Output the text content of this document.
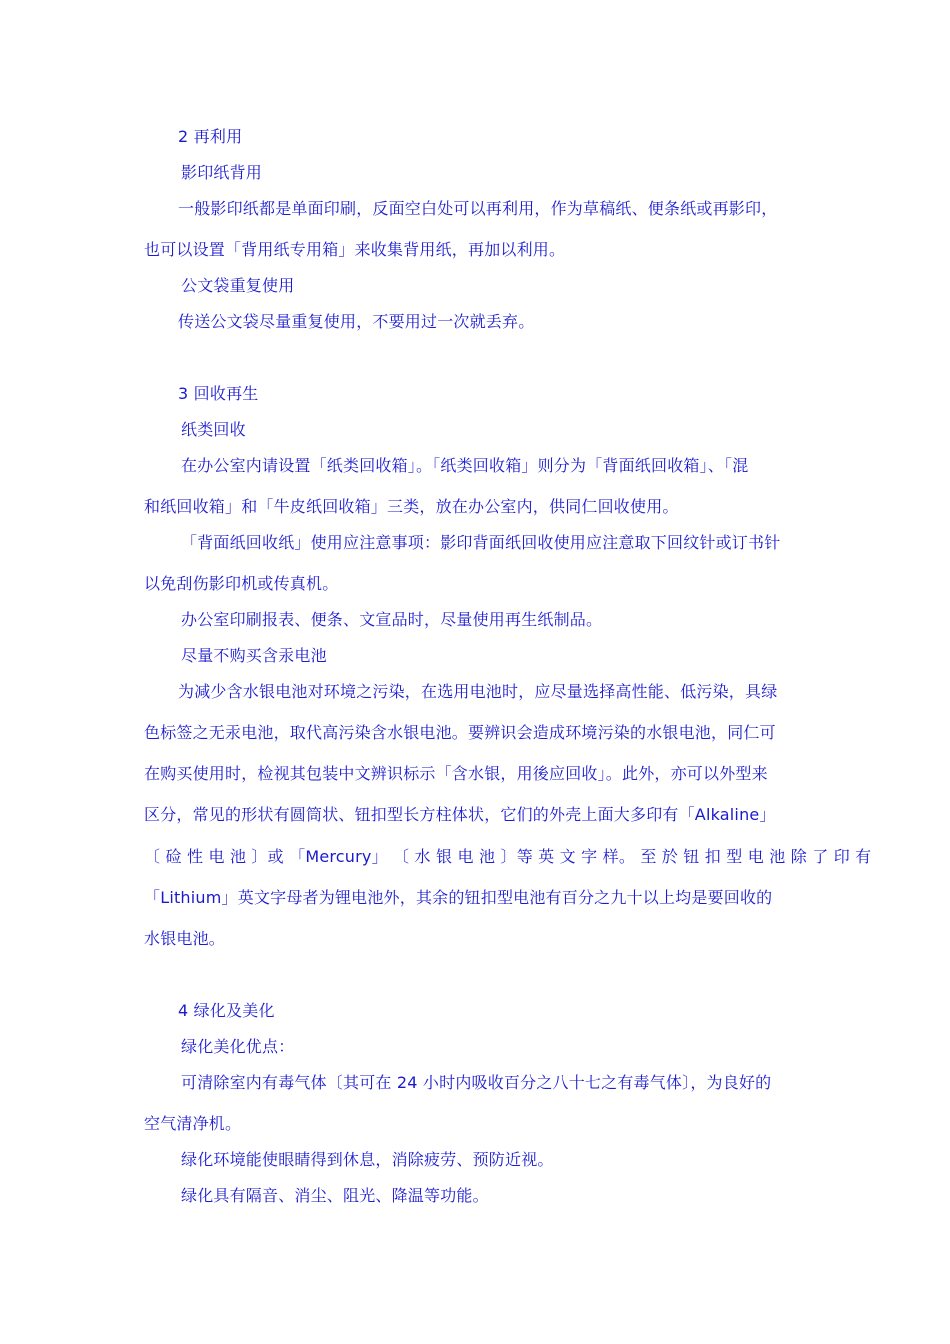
2 再利用
影印纸背用
一般影印纸都是单面印刷，反面空白处可以再利用，作为草稿纸、便条纸或再影印，
也可以设置「背用纸专用箱」来收集背用纸，再加以利用。
公文袋重复使用
传送公文袋尽量重复使用，不要用过一次就丢弃。
3 回收再生
纸类回收
在办公室内请设置「纸类回收箱」。「纸类回收箱」则分为「背面纸回收箱」、「混
和纸回收箱」和「牛皮纸回收箱」三类，放在办公室内，供同仁回收使用。
「背面纸回收纸」使用应注意事项：影印背面纸回收使用应注意取下回纹针或订书针
以免刮伤影印机或传真机。
办公室印刷报表、便条、文宣品时，尽量使用再生纸制品。
尽量不购买含汞电池
为减少含水银电池对环境之污染，在选用电池时，应尽量选择高性能、低污染，具绿
色标签之无汞电池，取代高污染含水银电池。要辨识会造成环境污染的水银电池，同仁可
在购买使用时，检视其包装中文辨识标示「含水银，用後应回收」。此外，亦可以外型来
区分，常见的形状有圆筒状、钮扣型长方柱体状，它们的外壳上面大多印有「Alkaline」
〔 硷 性 电 池 〕或 「Mercury」 〔 水 银 电 池 〕等 英 文 字 样。 至 於 钮 扣 型 电 池 除 了 印 有
「Lithium」英文字母者为锂电池外，其余的钮扣型电池有百分之九十以上均是要回收的
水银电池。
4 绿化及美化
绿化美化优点：
可清除室内有毒气体〔其可在 24 小时内吸收百分之八十七之有毒气体〕，为良好的
空气清净机。
绿化环境能使眼睛得到休息，消除疲劳、预防近视。
绿化具有隔音、消尘、阻光、降温等功能。
